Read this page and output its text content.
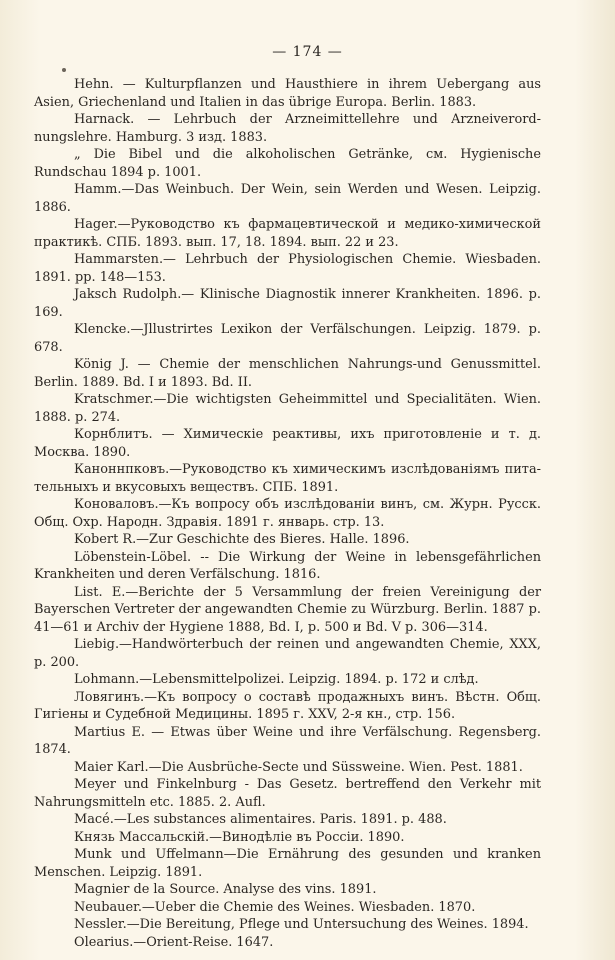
— 174 —

Hehn. — Kulturpflanzen und Hausthiere in ihrem Uebergang aus Asien, Griechenland und Italien in das übrige Europa. Berlin. 1883.

Harnack. — Lehrbuch der Arzneimittellehre und Arzneiverordnungslehre. Hamburg. 3 изд. 1883.

„ Die Bibel und die alkoholischen Getränke, см. Hygienische Rundschau 1894 р. 1001.

Hamm.—Das Weinbuch. Der Wein, sein Werden und Wesen. Leipzig. 1886.

Hager.—Руководство къ фармацевтической и медико-химической практикѣ. СПБ. 1893. вып. 17, 18. 1894. вып. 22 и 23.

Hammarsten.— Lehrbuch der Physiologischen Chemie. Wiesbaden. 1891. pp. 148—153.

Jaksch Rudolph.— Klinische Diagnostik innerer Krankheiten. 1896. p. 169.

Klencke.—Jllustrirtes Lexikon der Verfälschungen. Leipzig. 1879. p. 678.

König J. — Chemie der menschlichen Nahrungs-und Genussmittel. Berlin. 1889. Bd. I и 1893. Bd. II.

Kratschmer.—Die wichtigsten Geheimmittel und Specialitäten. Wien. 1888. p. 274.

Корнблитъ. — Химическіе реактивы, ихъ приготовленіе и т. д. Москва. 1890.

Каноннпковъ.—Руководство къ химическимъ изслѣдованіямъ питательныхъ и вкусовыхъ веществъ. СПБ. 1891.

Коноваловъ.—Къ вопросу объ изслѣдованіи винъ, см. Журн. Русск. Общ. Охр. Народн. Здравія. 1891 г. январь. стр. 13.

Kobert R.—Zur Geschichte des Bieres. Halle. 1896.

Löbenstein-Löbel. -- Die Wirkung der Weine in lebensgefährlichen Krankheiten und deren Verfälschung. 1816.

List. E.—Berichte der 5 Versammlung der freien Vereinigung der Bayerschen Vertreter der angewandten Chemie zu Würzburg. Berlin. 1887 p. 41—61 и Archiv der Hygiene 1888, Bd. I, p. 500 и Bd. V p. 306—314.

Liebig.—Handwörterbuch der reinen und angewandten Chemie, XXX, p. 200.

Lohmann.—Lebensmittelpolizei. Leipzig. 1894. p. 172 и слѣд.

Ловягинъ.—Къ вопросу о составѣ продажныхъ винъ. Вѣстн. Общ. Гигіены и Судебной Медицины. 1895 г. XXV, 2-я кн., стр. 156.

Martius E. — Etwas über Weine und ihre Verfälschung. Regensberg. 1874.

Maier Karl.—Die Ausbrüche-Secte und Süssweine. Wien. Pest. 1881.

Meyer und Finkelnburg - Das Gesetz. bertreffend den Verkehr mit Nahrungsmitteln etc. 1885. 2. Aufl.

Macé.—Les substances alimentaires. Paris. 1891. p. 488.

Князь Массальскій.—Винодѣліе въ Россіи. 1890.

Munk und Uffelmann—Die Ernährung des gesunden und kranken Menschen. Leipzig. 1891.

Magnier de la Source. Analyse des vins. 1891.

Neubauer.—Ueber die Chemie des Weines. Wiesbaden. 1870.

Nessler.—Die Bereitung, Pflege und Untersuchung des Weines. 1894.

Olearius.—Orient-Reise. 1647.
